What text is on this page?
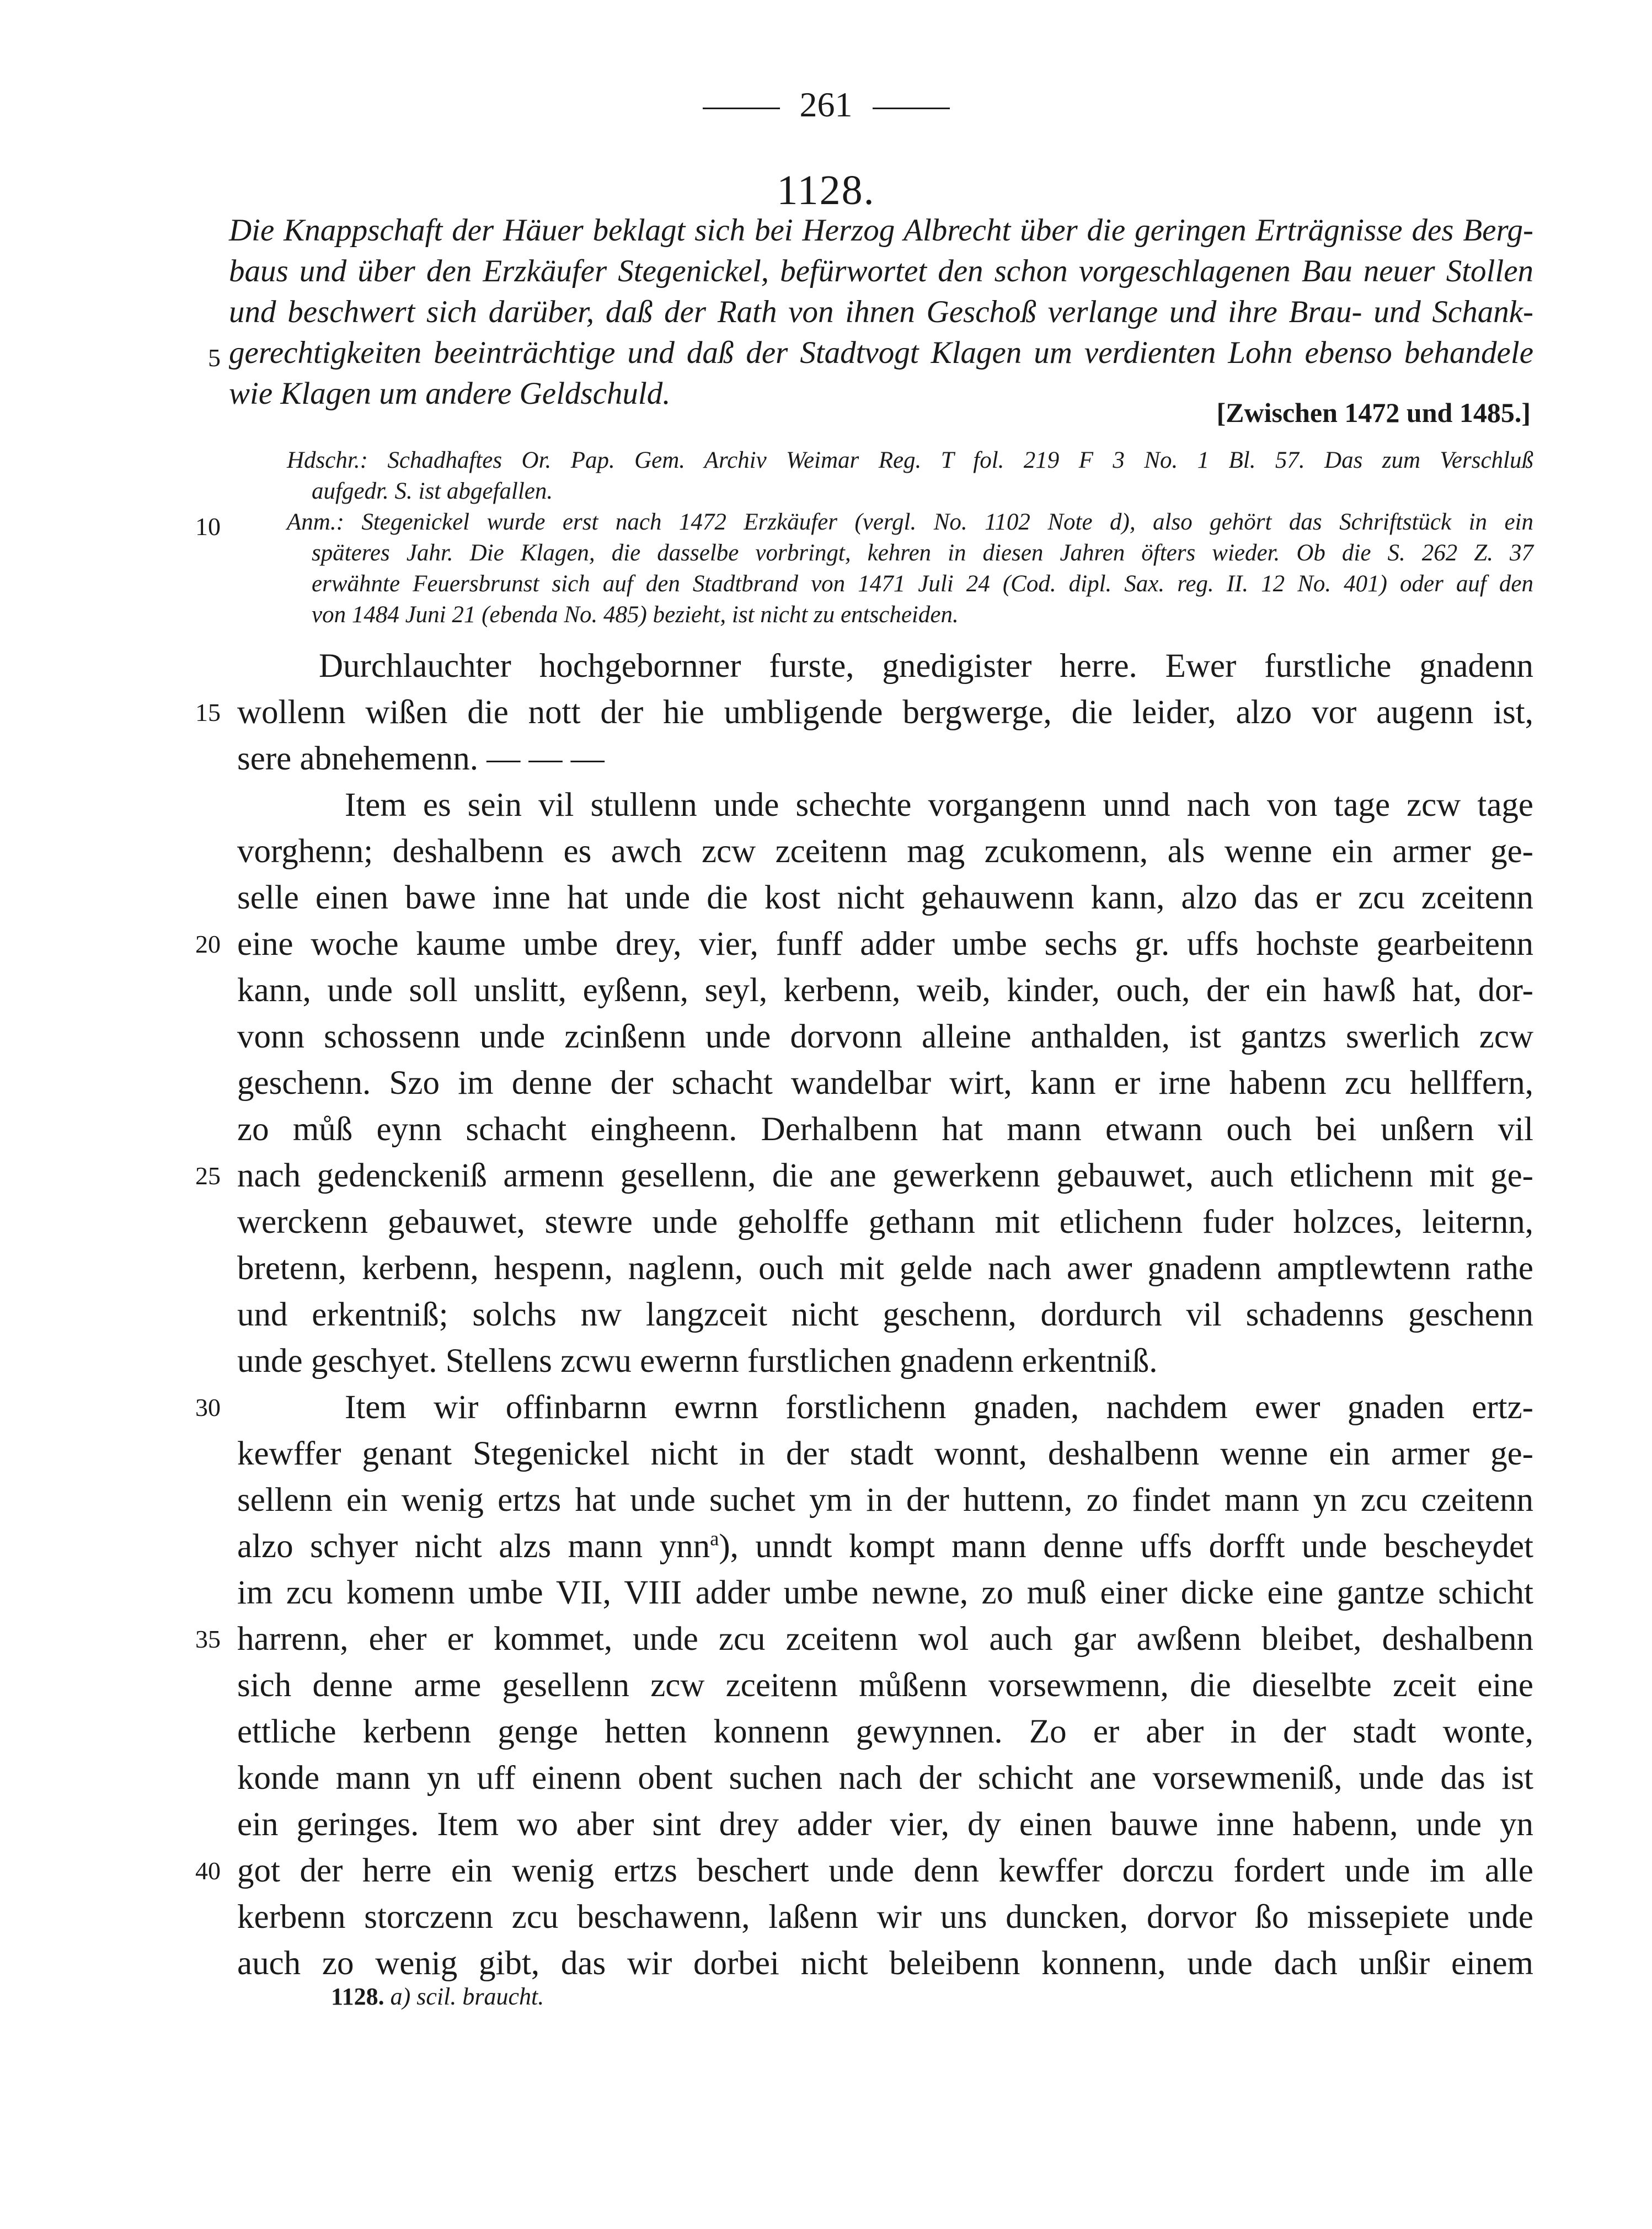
261
1128.
Die Knappschaft der Häuer beklagt sich bei Herzog Albrecht über die geringen Erträgnisse des Berg-
baus und über den Erzkäufer Stegenickel, befürwortet den schon vorgeschlagenen Bau neuer Stollen
und beschwert sich darüber, daß der Rath von ihnen Geschoß verlange und ihre Brau- und Schank-
gerechtigkeiten beeinträchtige und daß der Stadtvogt Klagen um verdienten Lohn ebenso behandele
wie Klagen um andere Geldschuld.
[Zwischen 1472 und 1485.]
Hdschr.: Schadhaftes Or. Pap. Gem. Archiv Weimar Reg. T fol. 219 F 3 No. 1 Bl. 57. Das zum Verschluß
aufgedr. S. ist abgefallen.
Anm.: Stegenickel wurde erst nach 1472 Erzkäufer (vergl. No. 1102 Note d), also gehört das Schriftstück in ein
späteres Jahr. Die Klagen, die dasselbe vorbringt, kehren in diesen Jahren öfters wieder. Ob die S. 262 Z. 37
erwähnte Feuersbrunst sich auf den Stadtbrand von 1471 Juli 24 (Cod. dipl. Sax. reg. II. 12 No. 401) oder auf den
von 1484 Juni 21 (ebenda No. 485) bezieht, ist nicht zu entscheiden.
Durchlauchter hochgebornner furste, gnedigister herre. Ewer furstliche gnadenn
wollenn wißen die nott der hie umbligende bergwerge, die leider, alzo vor augenn ist,
sere abnehemenn. — — —
Item es sein vil stullenn unde schechte vorgangenn unnd nach von tage zcw tage
vorghenn; deshalbenn es awch zcw zceitenn mag zcukomenn, als wenne ein armer ge-
selle einen bawe inne hat unde die kost nicht gehauwenn kann, alzo das er zcu zceitenn
eine woche kaume umbe drey, vier, funff adder umbe sechs gr. uffs hochste gearbeitenn
kann, unde soll unslitt, eyßenn, seyl, kerbenn, weib, kinder, ouch, der ein hawß hat, dor-
vonn schossenn unde zcinßenn unde dorvonn alleine anthalden, ist gantzs swerlich zcw
geschenn. Szo im denne der schacht wandelbar wirt, kann er irne habenn zcu hellffern,
zo můß eynn schacht eingheenn. Derhalbenn hat mann etwann ouch bei unßern vil
nach gedenckeniß armenn gesellenn, die ane gewerkenn gebauwet, auch etlichenn mit ge-
werckenn gebauwet, stewre unde geholffe gethann mit etlichenn fuder holzces, leiternn,
bretenn, kerbenn, hespenn, naglenn, ouch mit gelde nach awer gnadenn amptlewtenn rathe
und erkentniß; solchs nw langzceit nicht geschenn, dordurch vil schadenns geschenn
unde geschyet. Stellens zcwu ewernn furstlichen gnadenn erkentniß.
Item wir offinbarnn ewrnn forstlichenn gnaden, nachdem ewer gnaden ertz-
kewffer genant Stegenickel nicht in der stadt wonnt, deshalbenn wenne ein armer ge-
sellenn ein wenig ertzs hat unde suchet ym in der huttenn, zo findet mann yn zcu czeitenn
alzo schyer nicht alzs mann ynn$^a$), unndt kompt mann denne uffs dorfft unde bescheydet
im zcu komenn umbe VII, VIII adder umbe newne, zo muß einer dicke eine gantze schicht
harrenn, eher er kommet, unde zcu zceitenn wol auch gar awßenn bleibet, deshalbenn
sich denne arme gesellenn zcw zceitenn můßenn vorsewmenn, die dieselbte zceit eine
ettliche kerbenn genge hetten konnenn gewynnen. Zo er aber in der stadt wonte,
konde mann yn uff einenn obent suchen nach der schicht ane vorsewmeniß, unde das ist
ein geringes. Item wo aber sint drey adder vier, dy einen bauwe inne habenn, unde yn
got der herre ein wenig ertzs beschert unde denn kewffer dorczu fordert unde im alle
kerbenn storczenn zcu beschawenn, laßenn wir uns duncken, dorvor ßo missepiete unde
auch zo wenig gibt, das wir dorbei nicht beleibenn konnenn, unde dach unßir einem
5
10
15
20
25
30
35
40
1128. a) scil. braucht.
